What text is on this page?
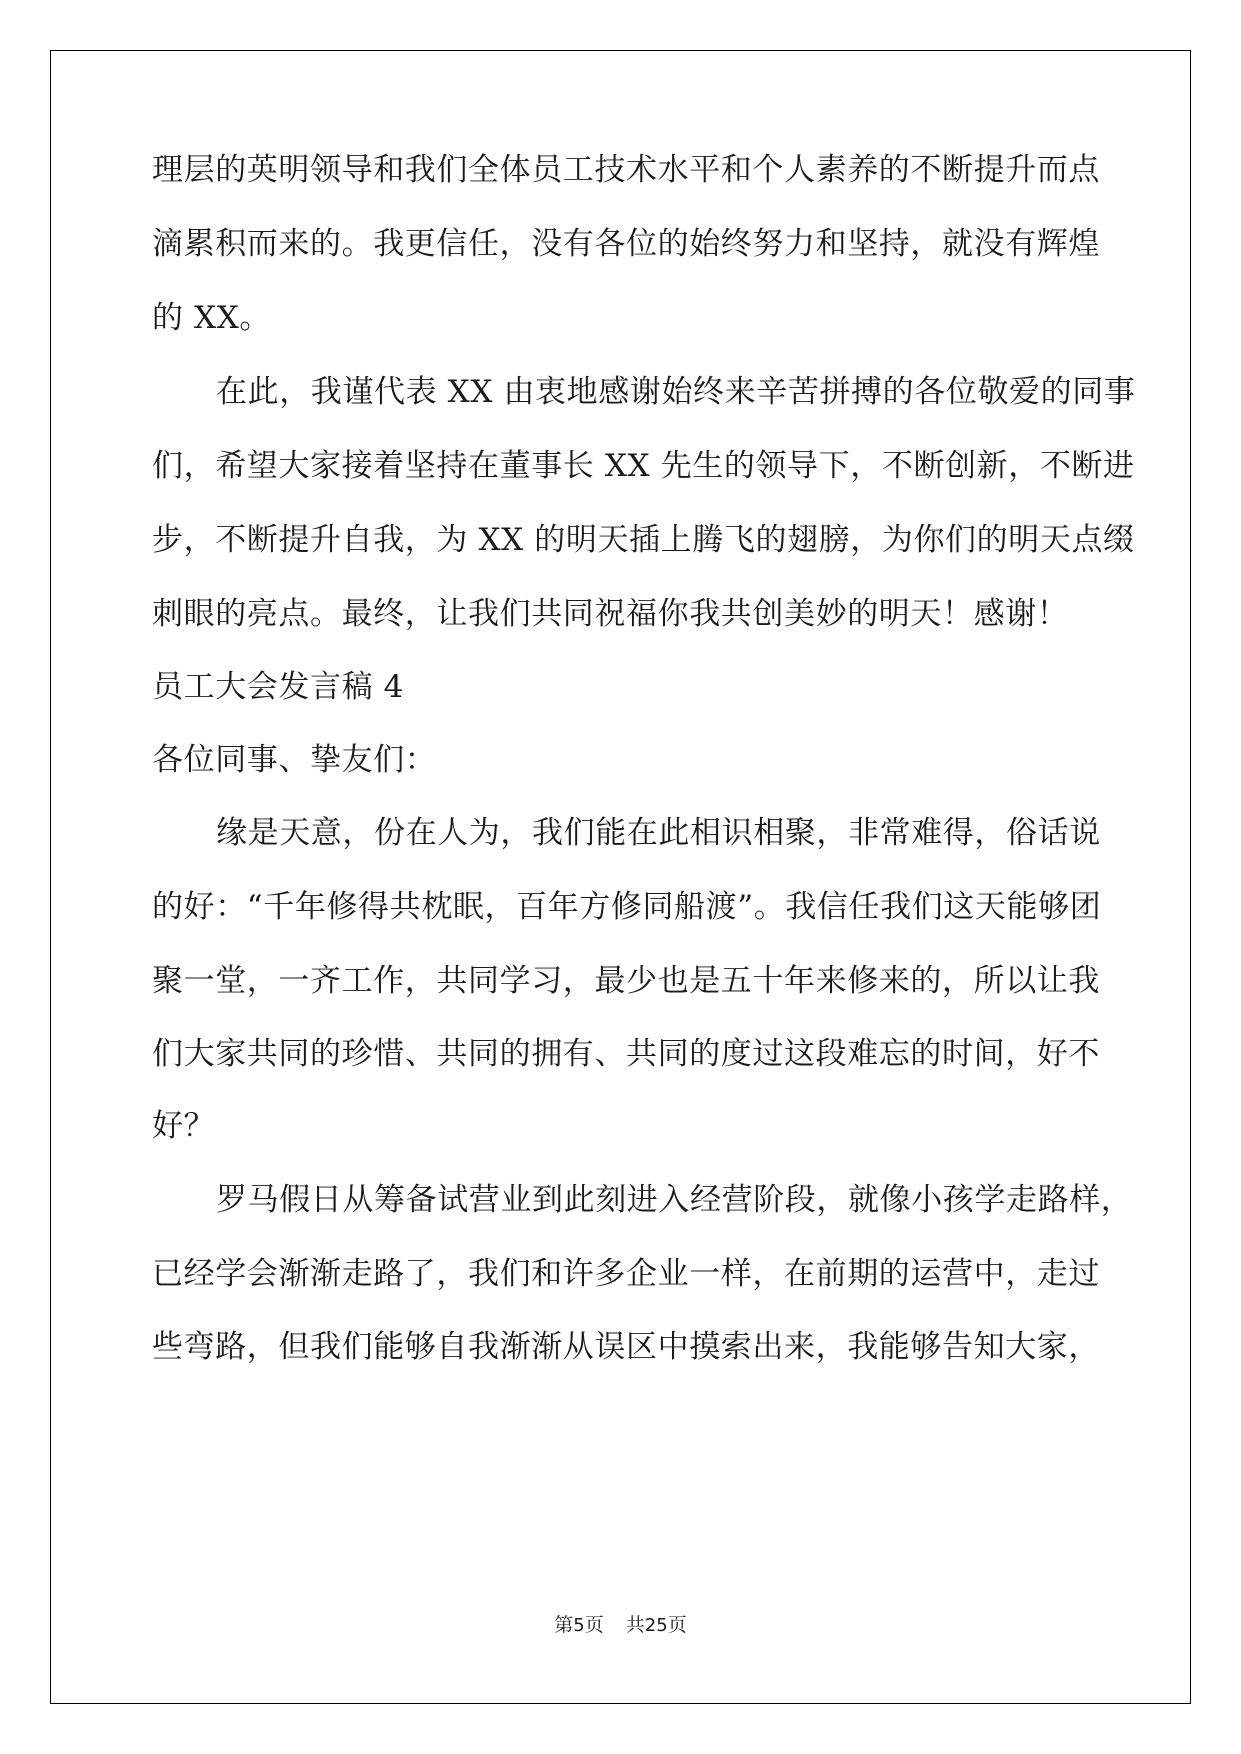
理层的英明领导和我们全体员工技术水平和个人素养的不断提升而点
滴累积而来的。我更信任，没有各位的始终努力和坚持，就没有辉煌
的 XX。
在此，我谨代表 XX 由衷地感谢始终来辛苦拼搏的各位敬爱的同事
们，希望大家接着坚持在董事长 XX 先生的领导下，不断创新，不断进
步，不断提升自我，为 XX 的明天插上腾飞的翅膀，为你们的明天点缀
刺眼的亮点。最终，让我们共同祝福你我共创美妙的明天！感谢！
员工大会发言稿 4
各位同事、挚友们：
缘是天意，份在人为，我们能在此相识相聚，非常难得，俗话说
的好：“千年修得共枕眠，百年方修同船渡”。我信任我们这天能够团
聚一堂，一齐工作，共同学习，最少也是五十年来修来的，所以让我
们大家共同的珍惜、共同的拥有、共同的度过这段难忘的时间，好不
好？
罗马假日从筹备试营业到此刻进入经营阶段，就像小孩学走路样，
已经学会渐渐走路了，我们和许多企业一样，在前期的运营中，走过
些弯路，但我们能够自我渐渐从误区中摸索出来，我能够告知大家，
第5页 共25页
